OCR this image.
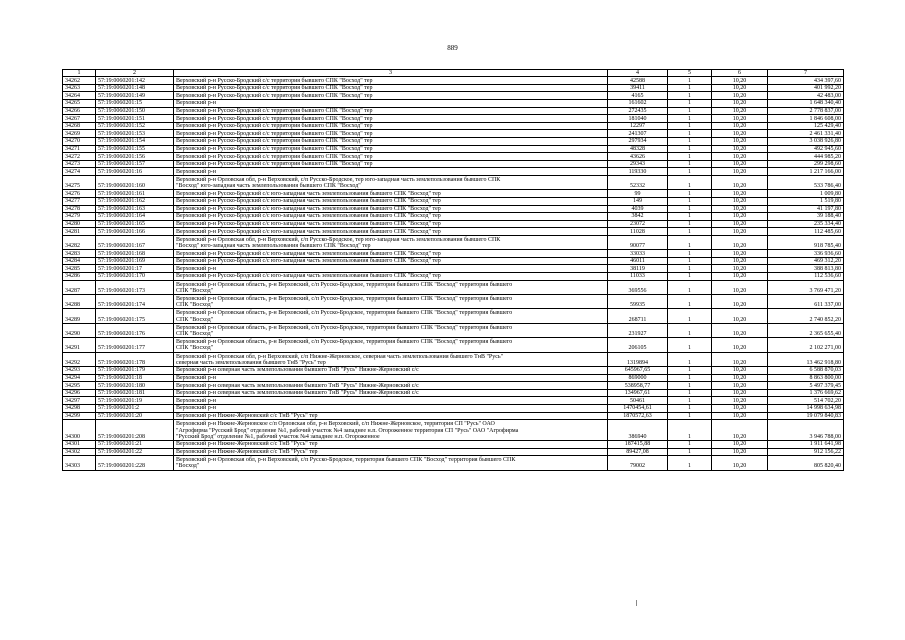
889
1	2	3	4	5	6	7
34262	57:19:0060201:142	Верховский р-н Русско-Бродский с/с территория бывшего СПК "Восход" тер	42588	1	10,20	434 397,60
34263	57:19:0060201:148	Верховский р-н Русско-Бродский с/с территория бывшего СПК "Восход" тер	39411	1	10,20	401 992,20
34264	57:19:0060201:149	Верховский р-н Русско-Бродский с/с территория бывшего СПК "Восход" тер	4165	1	10,20	42 483,00
34265	57:19:0060201:15	Верховский р-н	161602	1	10,20	1 648 340,40
34266	57:19:0060201:150	Верховский р-н Русско-Бродский с/с территория бывшего СПК "Восход" тер	272435	1	10,20	2 778 837,00
34267	57:19:0060201:151	Верховский р-н Русско-Бродский с/с территория бывшего СПК "Восход" тер	181040	1	10,20	1 846 608,00
34268	57:19:0060201:152	Верховский р-н Русско-Бродский с/с территория бывшего СПК "Восход" тер	12297	1	10,20	125 429,40
34269	57:19:0060201:153	Верховский р-н Русско-Бродский с/с территория бывшего СПК "Восход" тер	241307	1	10,20	2 461 331,40
34270	57:19:0060201:154	Верховский р-н Русско-Бродский с/с территория бывшего СПК "Восход" тер	297934	1	10,20	3 038 926,80
34271	57:19:0060201:155	Верховский р-н Русско-Бродский с/с территория бывшего СПК "Восход" тер	48328	1	10,20	492 945,60
34272	57:19:0060201:156	Верховский р-н Русско-Бродский с/с территория бывшего СПК "Восход" тер	43626	1	10,20	444 985,20
34273	57:19:0060201:157	Верховский р-н Русско-Бродский с/с территория бывшего СПК "Восход" тер	29343	1	10,20	299 298,60
34274	57:19:0060201:16	Верховский р-н	119330	1	10,20	1 217 166,00
34275	57:19:0060201:160	Верховский р-н Орловская обл, р-н Верховский, с/п Русско-Бродское, тер юго-западная часть землепользования бывшего СПК
"Восход" юго-западная часть землепользования бывшего СПК "Восход"	52332	1	10,20	533 786,40
34276	57:19:0060201:161	Верховский р-н Русско-Бродский с/с юго-западная часть землепользования бывшего СПК "Восход" тер	99	1	10,20	1 009,80
34277	57:19:0060201:162	Верховский р-н Русско-Бродский с/с юго-западная часть землепользования бывшего СПК "Восход" тер	149	1	10,20	1 519,80
34278	57:19:0060201:163	Верховский р-н Русско-Бродский с/с юго-западная часть землепользования бывшего СПК "Восход" тер	4039	1	10,20	41 197,80
34279	57:19:0060201:164	Верховский р-н Русско-Бродский с/с юго-западная часть землепользования бывшего СПК "Восход" тер	3842	1	10,20	39 188,40
34280	57:19:0060201:165	Верховский р-н Русско-Бродский с/с юго-западная часть землепользования бывшего СПК "Восход" тер	23072	1	10,20	235 334,40
34281	57:19:0060201:166	Верховский р-н Русско-Бродский с/с юго-западная часть землепользования бывшего СПК "Восход" тер	11028	1	10,20	112 485,60
34282	57:19:0060201:167	Верховский р-н Орловская обл, р-н Верховский, с/п Русско-Бродское, тер юго-западная часть землепользования бывшего СПК
"Восход" юго-западная часть землепользования бывшего СПК "Восход" тер	90077	1	10,20	918 785,40
34283	57:19:0060201:168	Верховский р-н Русско-Бродский с/с юго-западная часть землепользования бывшего СПК "Восход" тер	33033	1	10,20	336 936,60
34284	57:19:0060201:169	Верховский р-н Русско-Бродский с/с юго-западная часть землепользования бывшего СПК "Восход" тер	46011	1	10,20	469 312,20
34285	57:19:0060201:17	Верховский р-н	38119	1	10,20	388 813,80
34286	57:19:0060201:170	Верховский р-н Русско-Бродский с/с юго-западная часть землепользования бывшего СПК "Восход" тер	11033	1	10,20	112 536,60
34287	57:19:0060201:173	Верховский р-н Орловская область, р-н Верховский, с/п Русско-Бродское, территория бывшего СПК "Восход" территория бывшего
СПК "Восход"	369556	1	10,20	3 769 471,20
34288	57:19:0060201:174	Верховский р-н Орловская область, р-н Верховский, с/п Русско-Бродское, территория бывшего СПК "Восход" территория бывшего
СПК "Восход"	59935	1	10,20	611 337,00
34289	57:19:0060201:175	Верховский р-н Орловская область, р-н Верховский, с/п Русско-Бродское, территория бывшего СПК "Восход" территория бывшего
СПК "Восход"	268711	1	10,20	2 740 852,20
34290	57:19:0060201:176	Верховский р-н Орловская область, р-н Верховский, с/п Русско-Бродское, территория бывшего СПК "Восход" территория бывшего
СПК "Восход"	231927	1	10,20	2 365 655,40
34291	57:19:0060201:177	Верховский р-н Орловская область, р-н Верховский, с/п Русско-Бродское, территория бывшего СПК "Восход" территория бывшего
СПК "Восход"	206105	1	10,20	2 102 271,00
34292	57:19:0060201:178	Верховский р-н Орловская обл, р-н Верховский, с/п Нижне-Жерновское, северная часть землепользования бывшего ТнВ "Русь"
северная часть землепользования бывшего ТнВ "Русь" тер	1319894	1	10,20	13 462 918,80
34293	57:19:0060201:179	Верховский р-н северная часть землепользования бывшего ТнВ "Русь" Нижне-Жерновский с/с	645967,65	1	10,20	6 588 870,03
34294	57:19:0060201:18	Верховский р-н	869000	1	10,20	8 863 800,00
34295	57:19:0060201:180	Верховский р-н северная часть землепользования бывшего ТнВ "Русь" Нижне-Жерновский с/с	538958,77	1	10,20	5 497 379,45
34296	57:19:0060201:181	Верховский р-н северная часть землепользования бывшего ТнВ "Русь" Нижне-Жерновский с/с	134967,61	1	10,20	1 376 669,62
34297	57:19:0060201:19	Верховский р-н	50461	1	10,20	514 702,20
34298	57:19:0060201:2	Верховский р-н	1470454,61	1	10,20	14 998 634,98
34299	57:19:0060201:20	Верховский р-н Нижне-Жерновский с/с ТнВ "Русь" тер	1870572,63	1	10,20	19 079 840,83
34300	57:19:0060201:208	Верховский р-н Нижне-Жерновское с/п Орловская обл, р-н Верховский, с/п Нижне-Жерновское, территория СП "Русь" ОАО
"Агрофирма "Русский Брод" отделение №1, рабочий участок №4 западнее н.п. Огороженное территория СП "Русь" ОАО "Агрофирма
"Русский Брод" отделение №1, рабочий участок №4 западнее н.п. Огороженное	386940	1	10,20	3 946 788,00
34301	57:19:0060201:21	Верховский р-н Нижне-Жерновский с/с ТнВ "Русь" тер	187415,88	1	10,20	1 911 641,98
34302	57:19:0060201:22	Верховский р-н Нижне-Жерновский с/с ТнВ "Русь" тер	89427,08	1	10,20	912 156,22
34303	57:19:0060201:228	Верховский р-н Орловская обл, р-н Верховский, с/п Русско-Бродское, территория бывшего СПК "Восход" территория бывшего СПК
"Восход"	79002	1	10,20	805 820,40
